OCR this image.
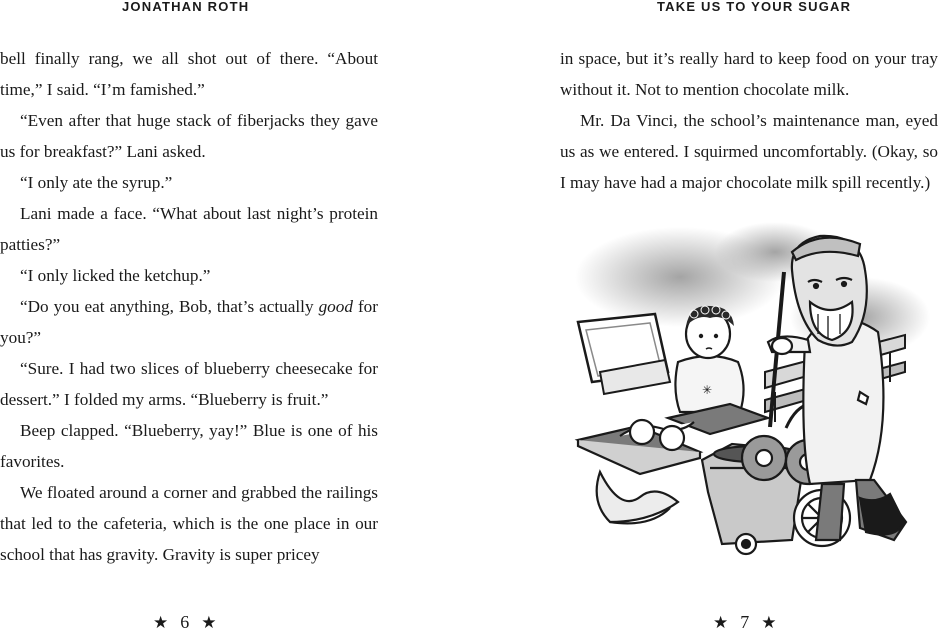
JONATHAN ROTH

bell finally rang, we all shot out of there. “About time,” I said. “I’m famished.”

“Even after that huge stack of fiberjacks they gave us for breakfast?” Lani asked.

“I only ate the syrup.”

Lani made a face. “What about last night’s protein patties?”

“I only licked the ketchup.”

“Do you eat anything, Bob, that’s actually good for you?”

“Sure. I had two slices of blueberry cheesecake for dessert.” I folded my arms. “Blueberry is fruit.”

Beep clapped. “Blueberry, yay!” Blue is one of his favorites.

We floated around a corner and grabbed the railings that led to the cafeteria, which is the one place in our school that has gravity. Gravity is super pricey

★ 6 ★
TAKE US TO YOUR SUGAR

in space, but it’s really hard to keep food on your tray without it. Not to mention chocolate milk.

Mr. Da Vinci, the school’s maintenance man, eyed us as we entered. I squirmed uncomfortably. (Okay, so I may have had a major chocolate milk spill recently.)

✳
★ 7 ★
